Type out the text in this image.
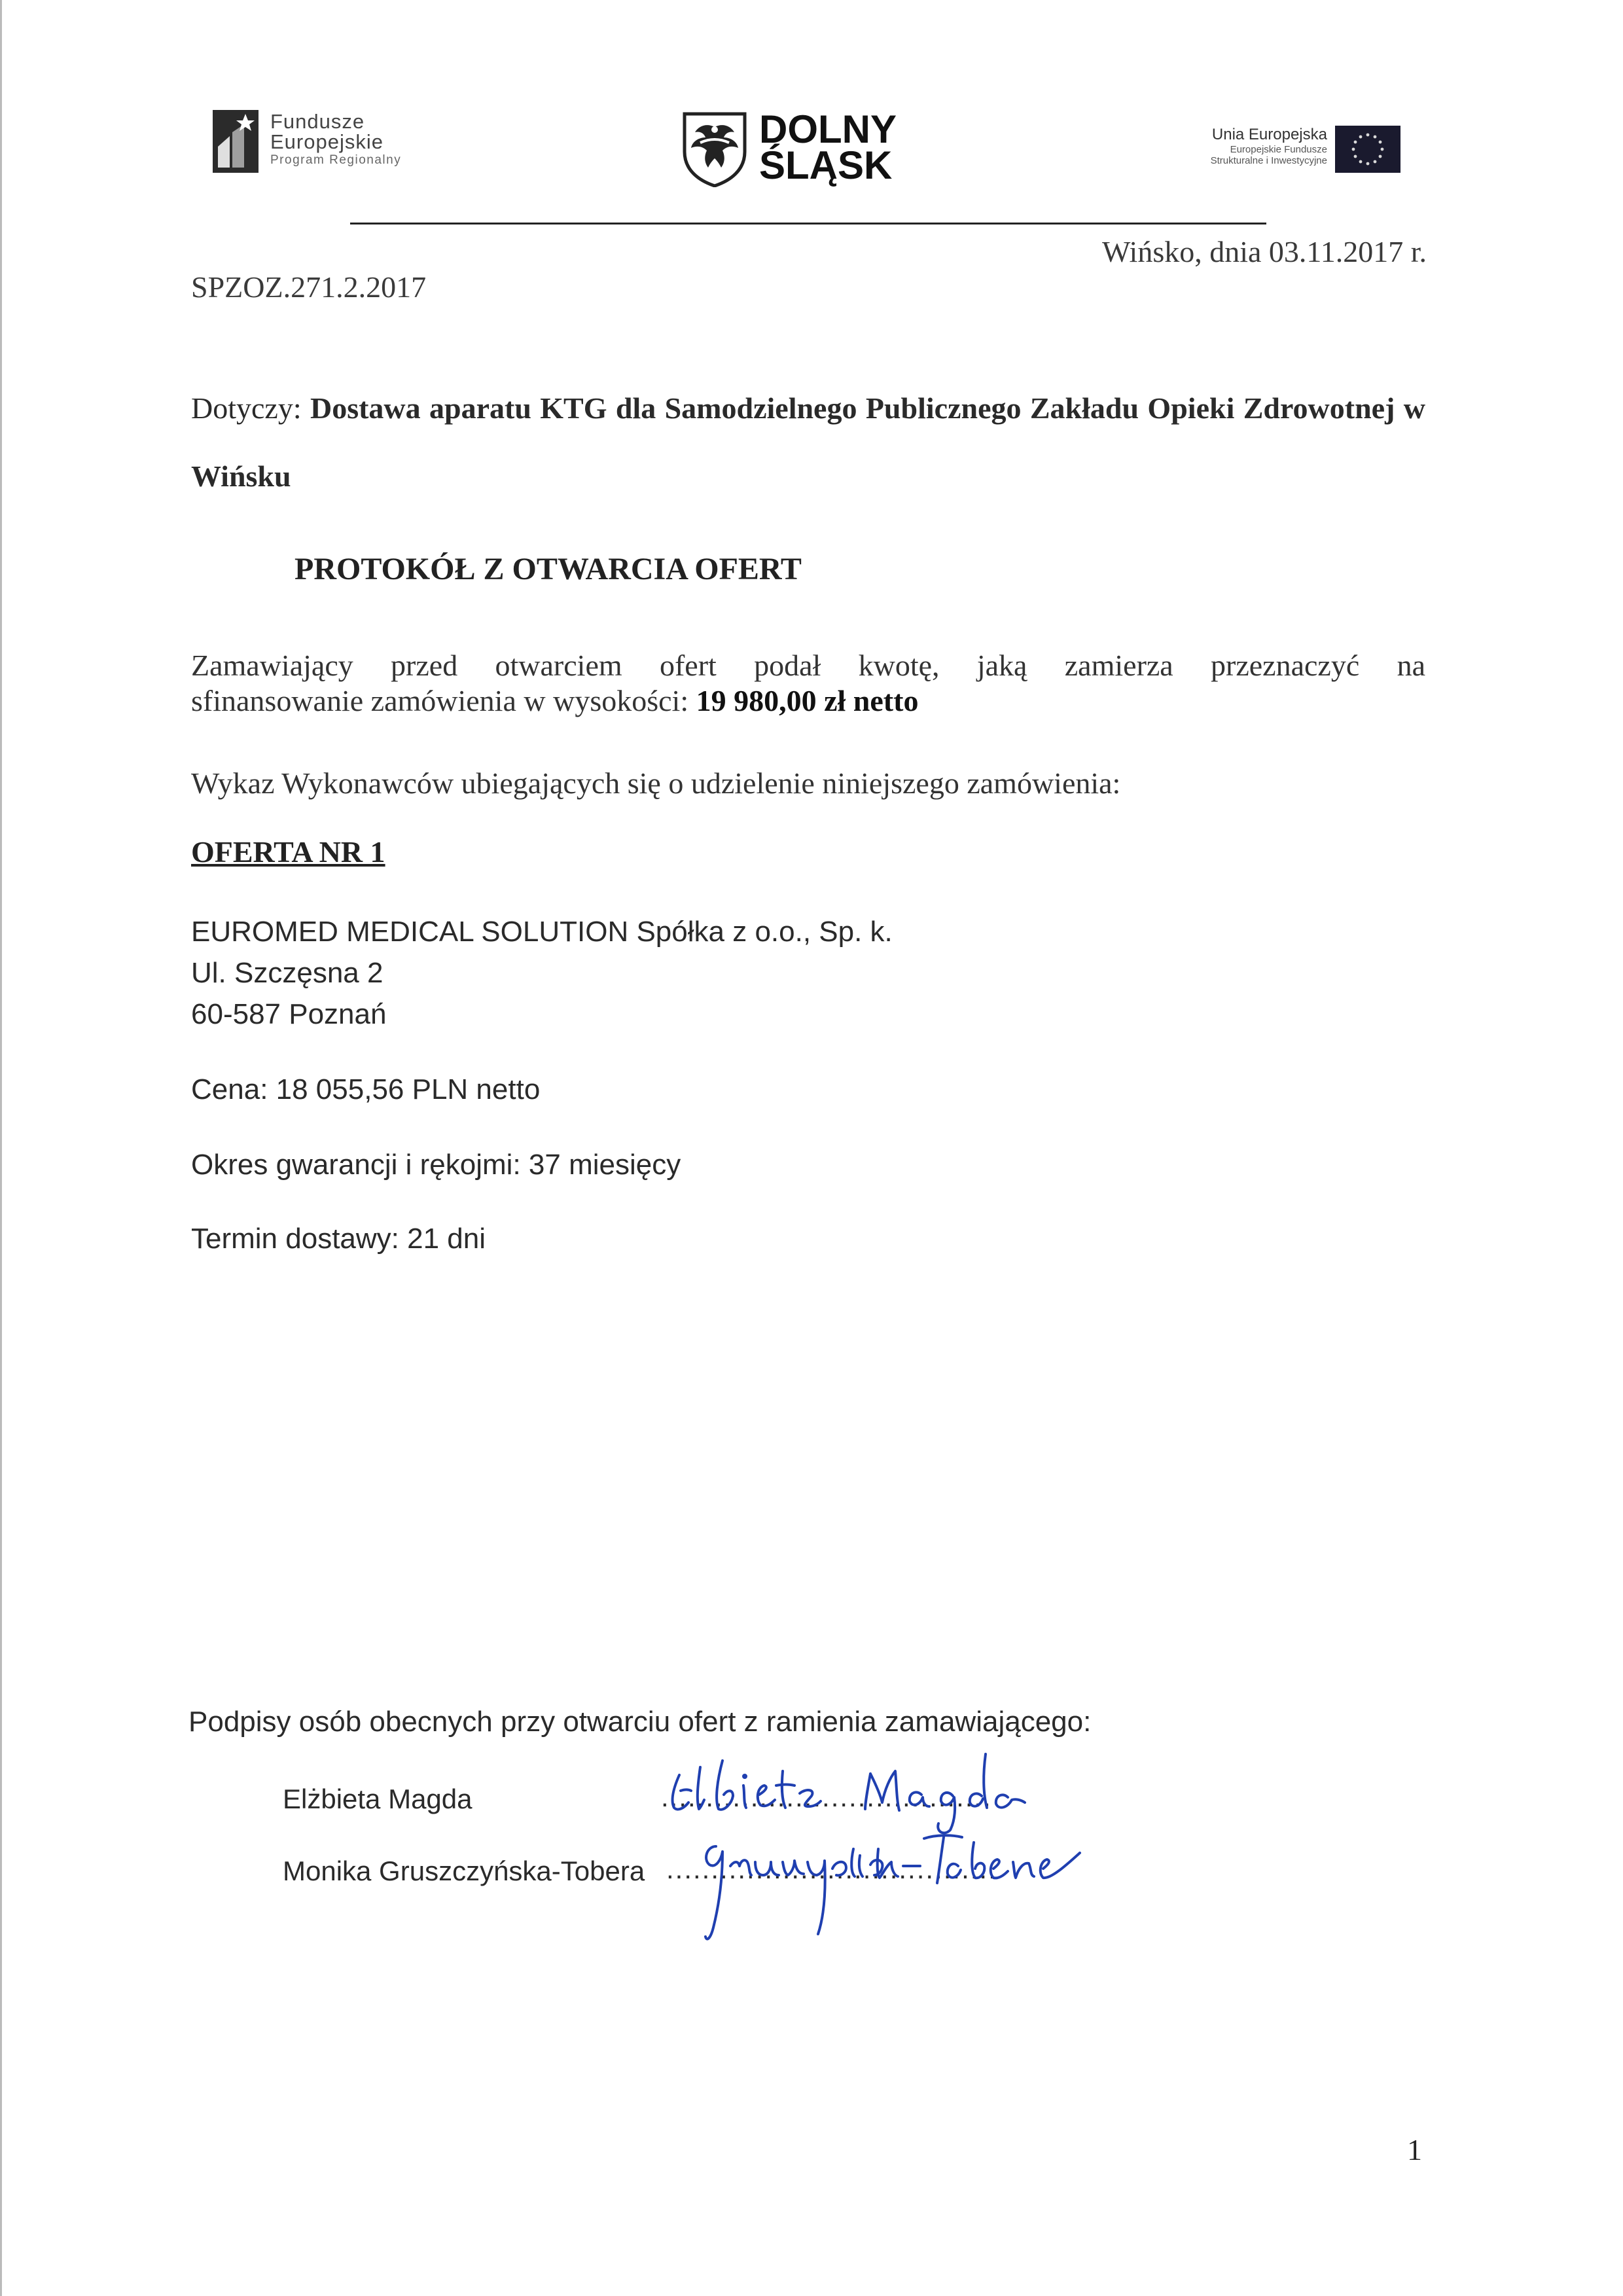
Fundusze
Europejskie
Program Regionalny
DOLNY
ŚLĄSK
Unia Europejska
Europejskie Fundusze
Strukturalne i Inwestycyjne
SPZOZ.271.2.2017
Wińsko, dnia 03.11.2017 r.
Dotyczy: Dostawa aparatu KTG dla Samodzielnego Publicznego Zakładu Opieki Zdrowotnej w Wińsku
PROTOKÓŁ Z OTWARCIA OFERT
Zamawiający przed otwarciem ofert podał kwotę, jaką zamierza przeznaczyć na
sfinansowanie zamówienia w wysokości: 19 980,00 zł netto
Wykaz Wykonawców ubiegających się o udzielenie niniejszego zamówienia:
OFERTA NR 1
EUROMED MEDICAL SOLUTION Spółka z o.o., Sp. k.
Ul. Szczęsna 2
60-587 Poznań
Cena: 18 055,56 PLN netto
Okres gwarancji i rękojmi: 37 miesięcy
Termin dostawy: 21 dni
Podpisy osób obecnych przy otwarciu ofert z ramienia zamawiającego:
Elżbieta Magda	.....................................
Monika Gruszczyńska-Tobera .....................................
1
